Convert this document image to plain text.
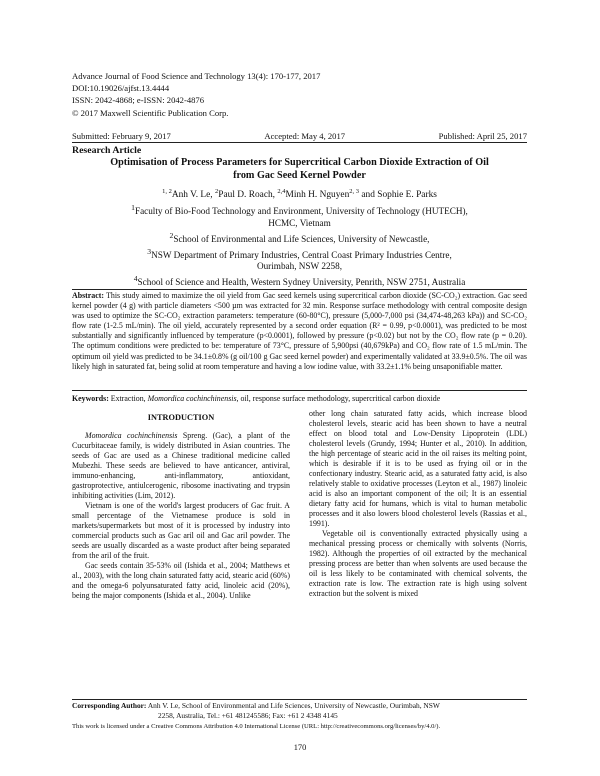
Advance Journal of Food Science and Technology 13(4): 170-177, 2017
DOI:10.19026/ajfst.13.4444
ISSN: 2042-4868; e-ISSN: 2042-4876
© 2017 Maxwell Scientific Publication Corp.
Submitted: February 9, 2017	Accepted: May 4, 2017	Published: April 25, 2017
Research Article
Optimisation of Process Parameters for Supercritical Carbon Dioxide Extraction of Oil
from Gac Seed Kernel Powder
$^{1, 2}$Anh V. Le, $^2$Paul D. Roach, $^{2,4}$Minh H. Nguyen$^{2, 3}$ and Sophie E. Parks
$^1$Faculty of Bio-Food Technology and Environment, University of Technology (HUTECH),
HCMC, Vietnam
$^2$School of Environmental and Life Sciences, University of Newcastle,
$^3$NSW Department of Primary Industries, Central Coast Primary Industries Centre,
Ourimbah, NSW 2258,
$^4$School of Science and Health, Western Sydney University, Penrith, NSW 2751, Australia
Abstract: This study aimed to maximize the oil yield from Gac seed kernels using supercritical carbon dioxide (SC-CO₂) extraction. Gac seed kernel powder (4 g) with particle diameters <500 µm was extracted for 32 min. Response surface methodology with central composite design was used to optimize the SC-CO₂ extraction parameters: temperature (60-80°C), pressure (5,000-7,000 psi (34,474-48,263 kPa)) and SC-CO₂ flow rate (1-2.5 mL/min). The oil yield, accurately represented by a second order equation (R² = 0.99, p<0.0001), was predicted to be most substantially and significantly influenced by temperature (p<0.0001), followed by pressure (p<0.02) but not by the CO₂ flow rate (p = 0.20). The optimum conditions were predicted to be: temperature of 73°C, pressure of 5,900psi (40,679kPa) and CO₂ flow rate of 1.5 mL/min. The optimum oil yield was predicted to be 34.1±0.8% (g oil/100 g Gac seed kernel powder) and experimentally validated at 33.9±0.5%. The oil was likely high in saturated fat, being solid at room temperature and having a low iodine value, with 33.2±1.1% being unsaponifiable matter.
Keywords: Extraction, Momordica cochinchinensis, oil, response surface methodology, supercritical carbon dioxide
INTRODUCTION

Momordica cochinchinensis Spreng. (Gac), a plant of the Cucurbitaceae family, is widely distributed in Asian countries. The seeds of Gac are used as a Chinese traditional medicine called Mubezhi. These seeds are believed to have anticancer, antiviral, immuno-enhancing, anti-inflammatory, antioxidant, gastroprotective, antiulcerogenic, ribosome inactivating and trypsin inhibiting activities (Lim, 2012).

Vietnam is one of the world's largest producers of Gac fruit. A small percentage of the Vietnamese produce is sold in markets/supermarkets but most of it is processed by industry into commercial products such as Gac aril oil and Gac aril powder. The seeds are usually discarded as a waste product after being separated from the aril of the fruit.

Gac seeds contain 35-53% oil (Ishida et al., 2004; Matthews et al., 2003), with the long chain saturated fatty acid, stearic acid (60%) and the omega-6 polyunsaturated fatty acid, linoleic acid (20%), being the major components (Ishida et al., 2004). Unlike

other long chain saturated fatty acids, which increase blood cholesterol levels, stearic acid has been shown to have a neutral effect on blood total and Low-Density Lipoprotein (LDL) cholesterol levels (Grundy, 1994; Hunter et al., 2010). In addition, the high percentage of stearic acid in the oil raises its melting point, which is desirable if it is to be used as frying oil or in the confectionary industry. Stearic acid, as a saturated fatty acid, is also relatively stable to oxidative processes (Leyton et al., 1987) linoleic acid is also an important component of the oil; It is an essential dietary fatty acid for humans, which is vital to human metabolic processes and it also lowers blood cholesterol levels (Rassias et al., 1991).

Vegetable oil is conventionally extracted physically using a mechanical pressing process or chemically with solvents (Norris, 1982). Although the properties of oil extracted by the mechanical pressing process are better than when solvents are used because the oil is less likely to be contaminated with chemical solvents, the extraction rate is low. The extraction rate is high using solvent extraction but the solvent is mixed

Corresponding Author: Anh V. Le, School of Environmental and Life Sciences, University of Newcastle, Ourimbah, NSW
2258, Australia, Tel.: +61 481245586; Fax: +61 2 4348 4145
This work is licensed under a Creative Commons Attribution 4.0 International License (URL: http://creativecommons.org/licenses/by/4.0/).
170
